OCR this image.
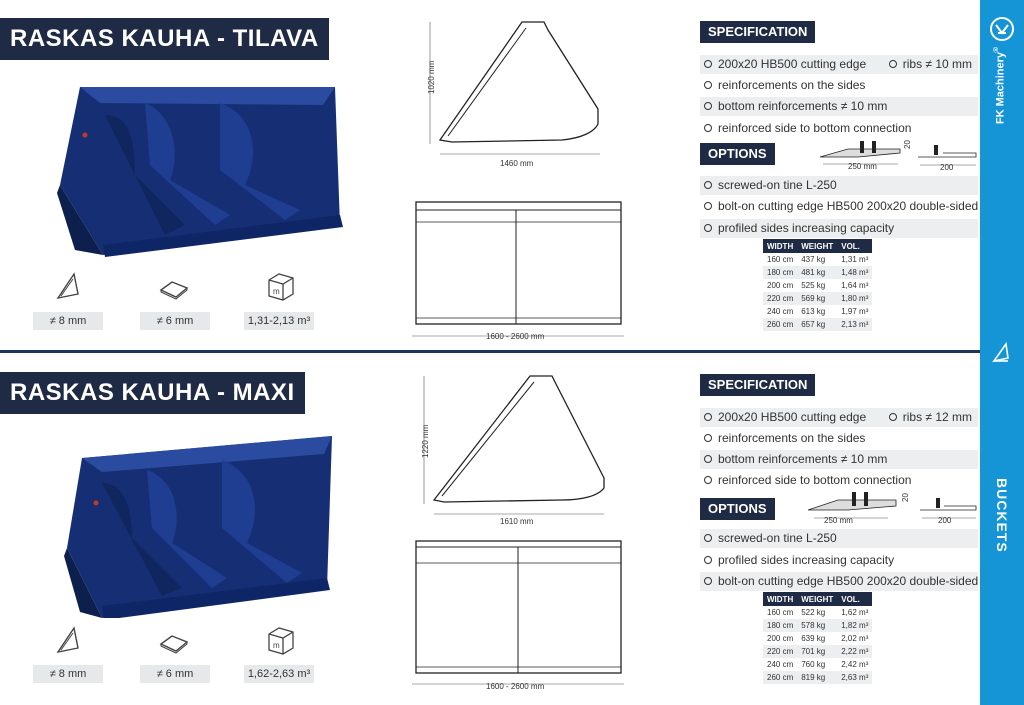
FK Machinery®
BUCKETS
RASKAS KAUHA - TILAVA
m
≠ 8 mm	≠ 6 mm	1,31-2,13 m³
1020 mm
1460 mm
1600 - 2600 mm
SPECIFICATION
200x20 HB500 cutting edge	ribs ≠ 10 mm
reinforcements on the sides
bottom reinforcements ≠ 10 mm
reinforced side to bottom connection
OPTIONS
250 mm
20
200
screwed-on tine L-250
bolt-on cutting edge HB500 200x20 double-sided
profiled sides increasing capacity
WIDTH	WEIGHT	VOL.
160 cm	437 kg	1,31 m³
180 cm	481 kg	1,48 m³
200 cm	525 kg	1,64 m³
220 cm	569 kg	1,80 m³
240 cm	613 kg	1,97 m³
260 cm	657 kg	2,13 m³
RASKAS KAUHA - MAXI
m
≠ 8 mm	≠ 6 mm	1,62-2,63 m³
1220 mm
1610 mm
1600 - 2600 mm
SPECIFICATION
200x20 HB500 cutting edge	ribs ≠ 12 mm
reinforcements on the sides
bottom reinforcements ≠ 10 mm
reinforced side to bottom connection
OPTIONS
250 mm
20
200
screwed-on tine L-250
profiled sides increasing capacity
bolt-on cutting edge HB500 200x20 double-sided
WIDTH	WEIGHT	VOL.
160 cm	522 kg	1,62 m³
180 cm	578 kg	1,82 m³
200 cm	639 kg	2,02 m³
220 cm	701 kg	2,22 m³
240 cm	760 kg	2,42 m³
260 cm	819 kg	2,63 m³
